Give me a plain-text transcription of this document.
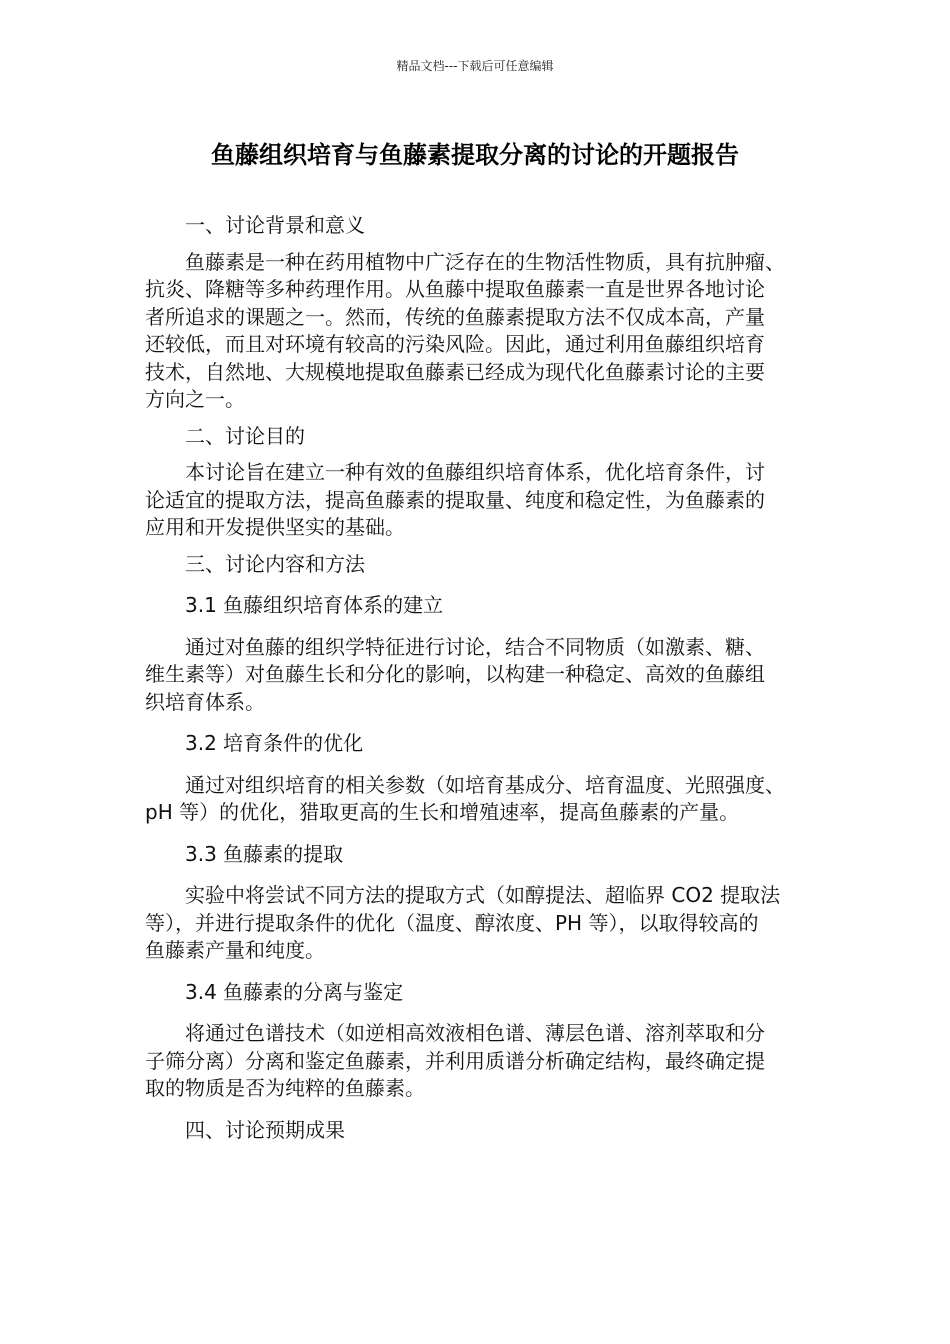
精品文档---下载后可任意编辑
鱼藤组织培育与鱼藤素提取分离的讨论的开题报告

一、讨论背景和意义

鱼藤素是一种在药用植物中广泛存在的生物活性物质，具有抗肿瘤、
抗炎、降糖等多种药理作用。从鱼藤中提取鱼藤素一直是世界各地讨论
者所追求的课题之一。然而，传统的鱼藤素提取方法不仅成本高，产量
还较低，而且对环境有较高的污染风险。因此，通过利用鱼藤组织培育
技术，自然地、大规模地提取鱼藤素已经成为现代化鱼藤素讨论的主要
方向之一。

二、讨论目的

本讨论旨在建立一种有效的鱼藤组织培育体系，优化培育条件，讨
论适宜的提取方法，提高鱼藤素的提取量、纯度和稳定性，为鱼藤素的
应用和开发提供坚实的基础。

三、讨论内容和方法

3.1 鱼藤组织培育体系的建立

通过对鱼藤的组织学特征进行讨论，结合不同物质（如激素、糖、
维生素等）对鱼藤生长和分化的影响，以构建一种稳定、高效的鱼藤组
织培育体系。

3.2 培育条件的优化

通过对组织培育的相关参数（如培育基成分、培育温度、光照强度、
pH 等）的优化，猎取更高的生长和增殖速率，提高鱼藤素的产量。

3.3 鱼藤素的提取

实验中将尝试不同方法的提取方式（如醇提法、超临界 CO2 提取法
等），并进行提取条件的优化（温度、醇浓度、PH 等），以取得较高的
鱼藤素产量和纯度。

3.4 鱼藤素的分离与鉴定

将通过色谱技术（如逆相高效液相色谱、薄层色谱、溶剂萃取和分
子筛分离）分离和鉴定鱼藤素，并利用质谱分析确定结构，最终确定提
取的物质是否为纯粹的鱼藤素。

四、讨论预期成果
